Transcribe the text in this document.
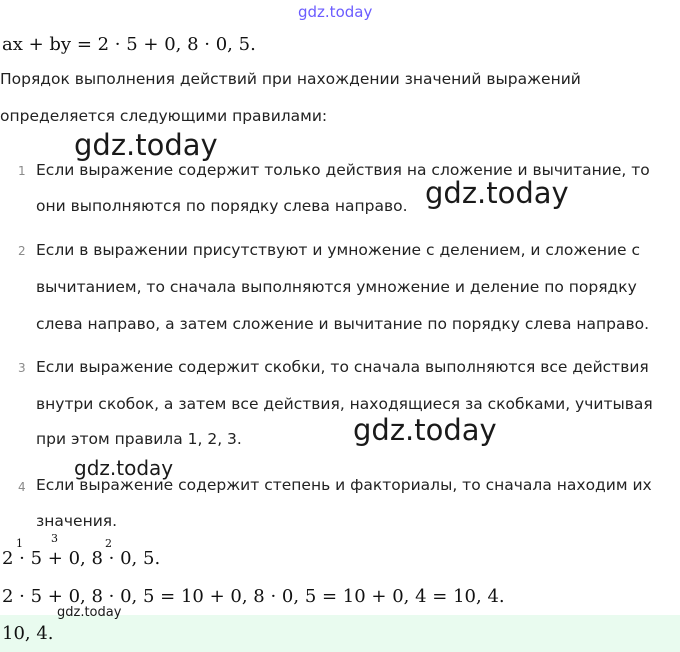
gdz.today
ax + by = 2 · 5 + 0, 8 · 0, 5.
Порядок выполнения действий при нахождении значений выражений
определяется следующими правилами:
gdz.today
1 Если выражение содержит только действия на сложение и вычитание, то
они выполняются по порядку слева направо. gdz.today
2 Если в выражении присутствуют и умножение с делением, и сложение с
вычитанием, то сначала выполняются умножение и деление по порядку
слева направо, а затем сложение и вычитание по порядку слева направо.
3 Если выражение содержит скобки, то сначала выполняются все действия
внутри скобок, а затем все действия, находящиеся за скобками, учитывая
при этом правила 1, 2, 3.	gdz.today
gdz.today
4 Если выражение содержит степень и факториалы, то сначала находим их
значения.
1	3	2
2 · 5 + 0, 8 · 0, 5.
2 · 5 + 0, 8 · 0, 5 = 10 + 0, 8 · 0, 5 = 10 + 0, 4 = 10, 4.
gdz.today
10, 4.
